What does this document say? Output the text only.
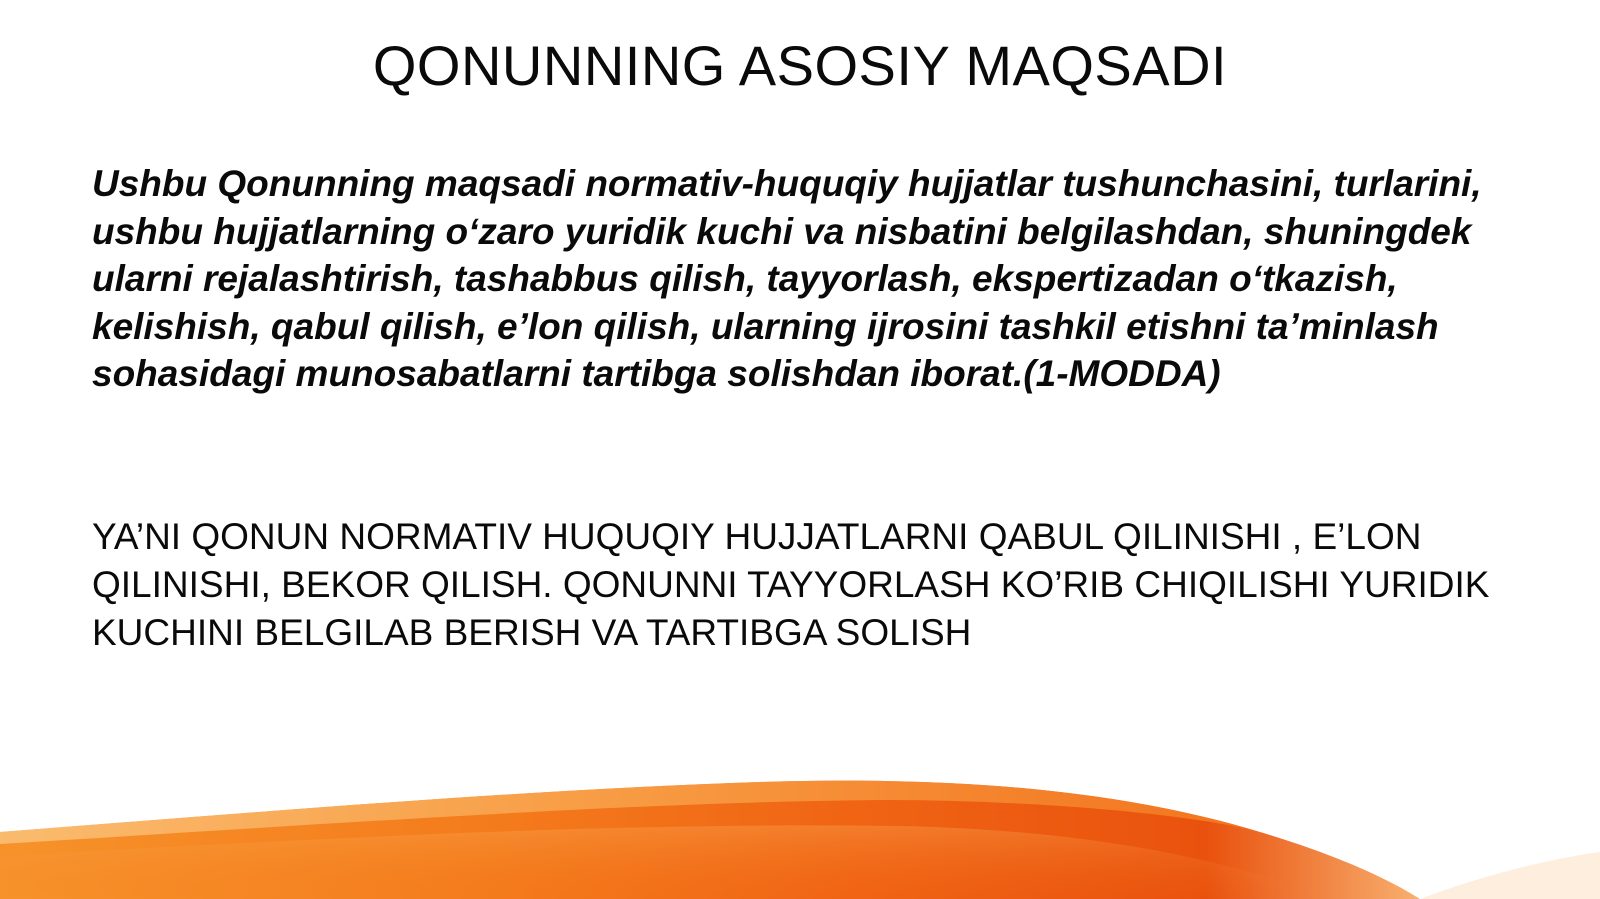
QONUNNING ASOSIY MAQSADI

Ushbu Qonunning maqsadi normativ-huquqiy hujjatlar tushunchasini, turlarini, ushbu hujjatlarning o‘zaro yuridik kuchi va nisbatini belgilashdan, shuningdek ularni rejalashtirish, tashabbus qilish, tayyorlash, ekspertizadan o‘tkazish, kelishish, qabul qilish, e’lon qilish, ularning ijrosini tashkil etishni ta’minlash sohasidagi munosabatlarni tartibga solishdan iborat.(1-MODDA)

YA’NI QONUN NORMATIV HUQUQIY HUJJATLARNI QABUL QILINISHI , E’LON QILINISHI, BEKOR QILISH. QONUNNI TAYYORLASH KO’RIB CHIQILISHI YURIDIK KUCHINI BELGILAB BERISH VA TARTIBGA SOLISH
